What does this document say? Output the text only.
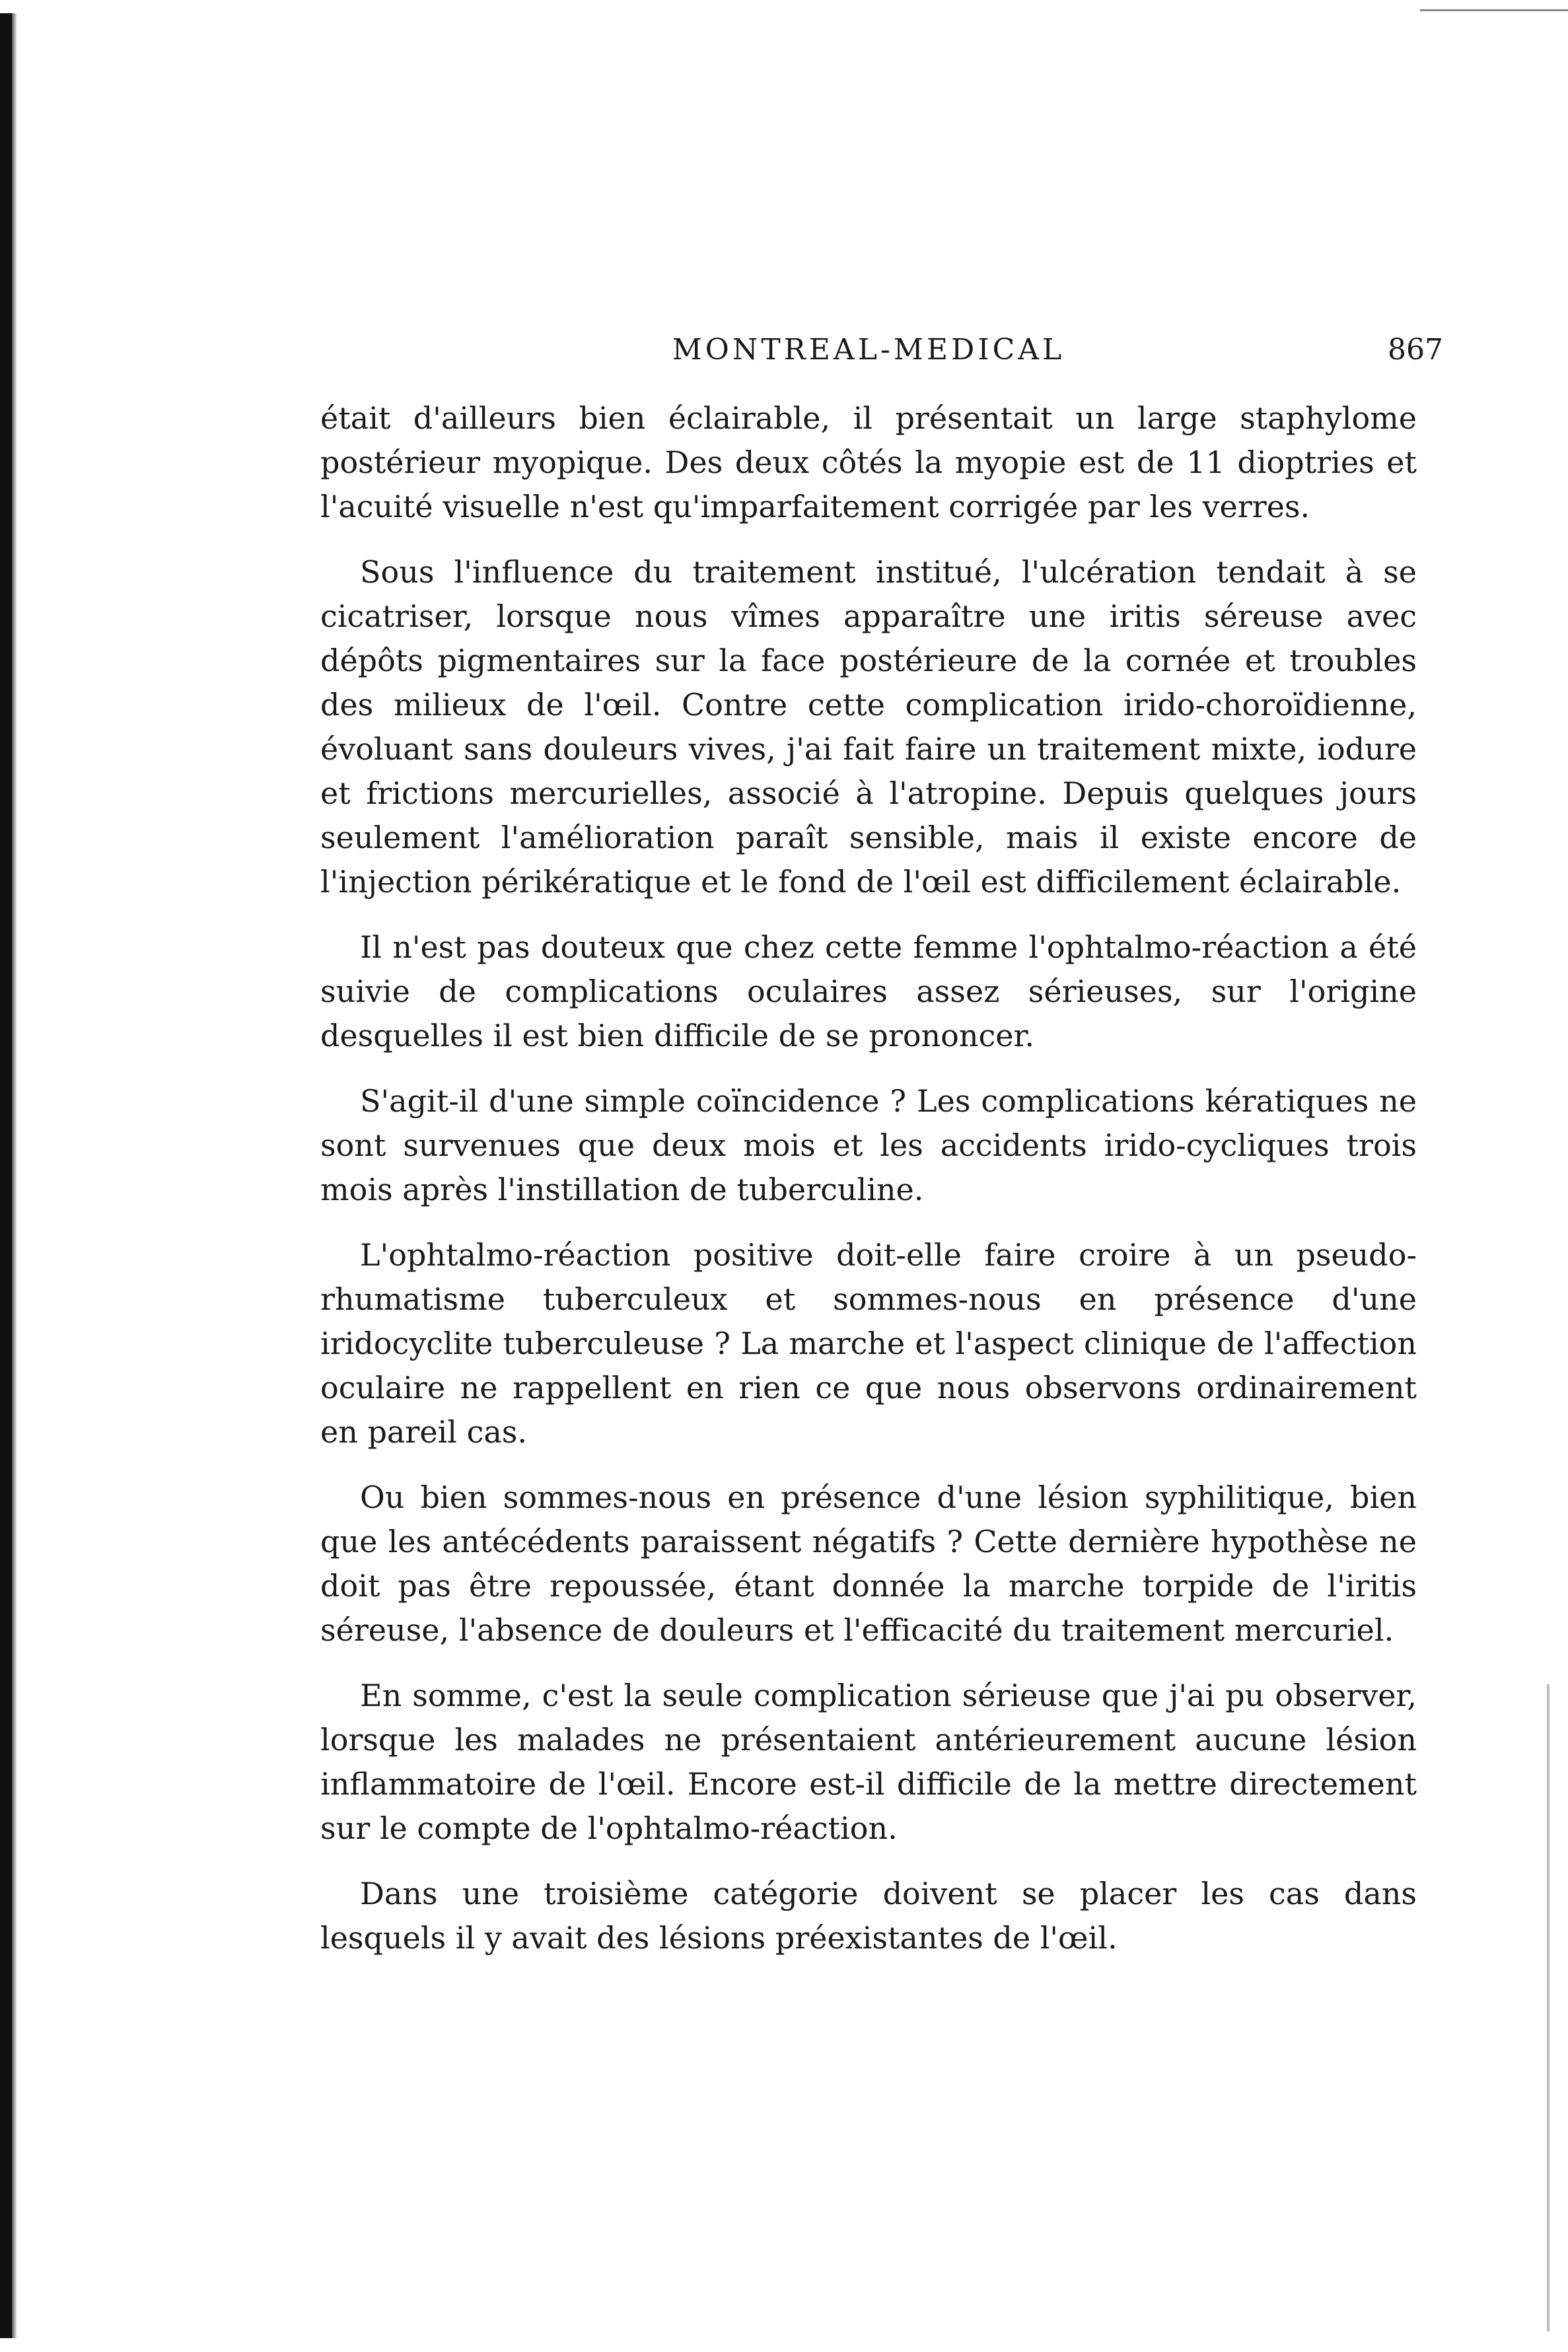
MONTREAL-MEDICAL	867

était d'ailleurs bien éclairable, il présentait un large staphylome postérieur myopique. Des deux côtés la myopie est de 11 dioptries et l'acuité visuelle n'est qu'imparfaitement corrigée par les verres.

Sous l'influence du traitement institué, l'ulcération tendait à se cicatriser, lorsque nous vîmes apparaître une iritis séreuse avec dépôts pigmentaires sur la face postérieure de la cornée et troubles des milieux de l'œil. Contre cette complication irido-choroïdienne, évoluant sans douleurs vives, j'ai fait faire un traitement mixte, iodure et frictions mercurielles, associé à l'atropine. Depuis quelques jours seulement l'amélioration paraît sensible, mais il existe encore de l'injection périkératique et le fond de l'œil est difficilement éclairable.

Il n'est pas douteux que chez cette femme l'ophtalmo-réaction a été suivie de complications oculaires assez sérieuses, sur l'origine desquelles il est bien difficile de se prononcer.

S'agit-il d'une simple coïncidence ? Les complications kératiques ne sont survenues que deux mois et les accidents irido-cycliques trois mois après l'instillation de tuberculine.

L'ophtalmo-réaction positive doit-elle faire croire à un pseudo-rhumatisme tuberculeux et sommes-nous en présence d'une iridocyclite tuberculeuse ? La marche et l'aspect clinique de l'affection oculaire ne rappellent en rien ce que nous observons ordinairement en pareil cas.

Ou bien sommes-nous en présence d'une lésion syphilitique, bien que les antécédents paraissent négatifs ? Cette dernière hypothèse ne doit pas être repoussée, étant donnée la marche torpide de l'iritis séreuse, l'absence de douleurs et l'efficacité du traitement mercuriel.

En somme, c'est la seule complication sérieuse que j'ai pu observer, lorsque les malades ne présentaient antérieurement aucune lésion inflammatoire de l'œil. Encore est-il difficile de la mettre directement sur le compte de l'ophtalmo-réaction.

Dans une troisième catégorie doivent se placer les cas dans lesquels il y avait des lésions préexistantes de l'œil.
